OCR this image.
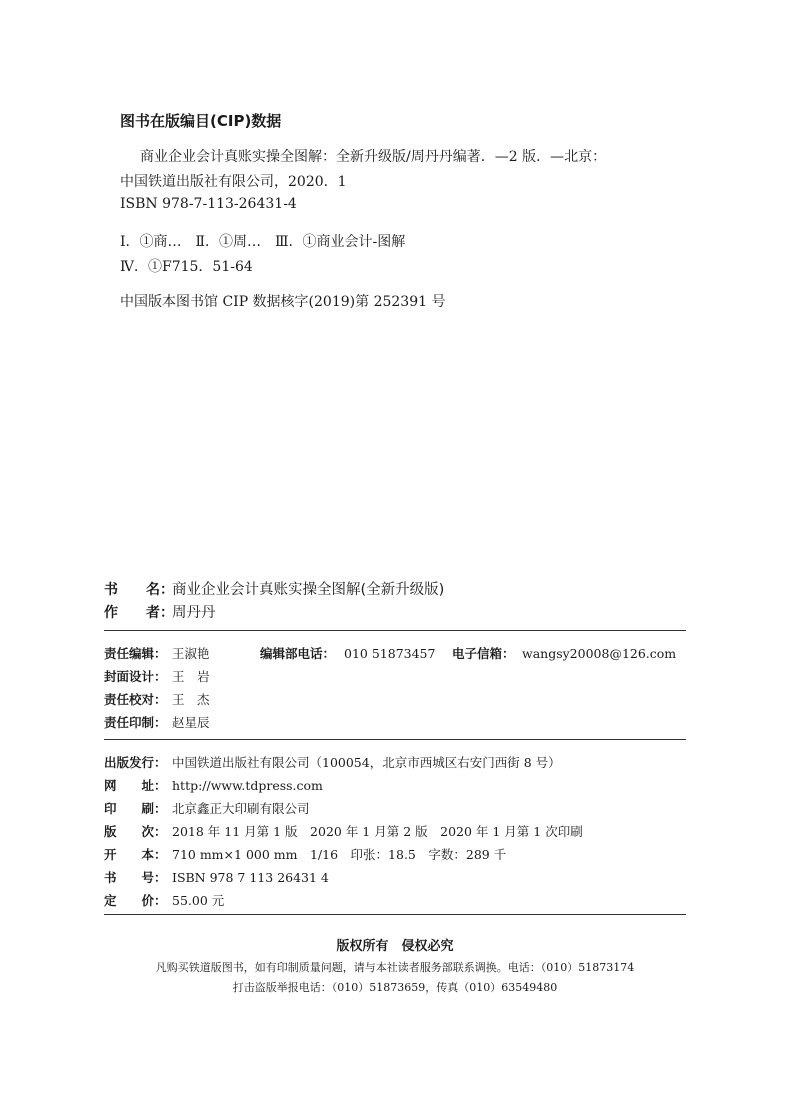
图书在版编目(CIP)数据
商业企业会计真账实操全图解：全新升级版/周丹丹编著．—2 版．—北京：
中国铁道出版社有限公司，2020．1
ISBN 978-7-113-26431-4
Ⅰ．①商…　Ⅱ．①周…　Ⅲ．①商业会计-图解
Ⅳ．①F715．51-64
中国版本图书馆 CIP 数据核字(2019)第 252391 号
书　　名：商业企业会计真账实操全图解(全新升级版)
作　　者：周丹丹
责任编辑： 王淑艳	编辑部电话： 010 51873457 电子信箱： wangsy20008@126.com
封面设计： 王　岩
责任校对： 王　杰
责任印制： 赵星辰
出版发行： 中国铁道出版社有限公司（100054，北京市西城区右安门西街 8 号）
网　　址： http://www.tdpress.com
印　　刷： 北京鑫正大印刷有限公司
版　　次： 2018 年 11 月第 1 版　2020 年 1 月第 2 版　2020 年 1 月第 1 次印刷
开　　本： 710 mm×1 000 mm　1/16　印张：18.5　字数：289 千
书　　号： ISBN 978 7 113 26431 4
定　　价： 55.00 元
版权所有　侵权必究
凡购买铁道版图书，如有印制质量问题，请与本社读者服务部联系调换。电话：（010）51873174
打击盗版举报电话：（010）51873659，传真（010）63549480
